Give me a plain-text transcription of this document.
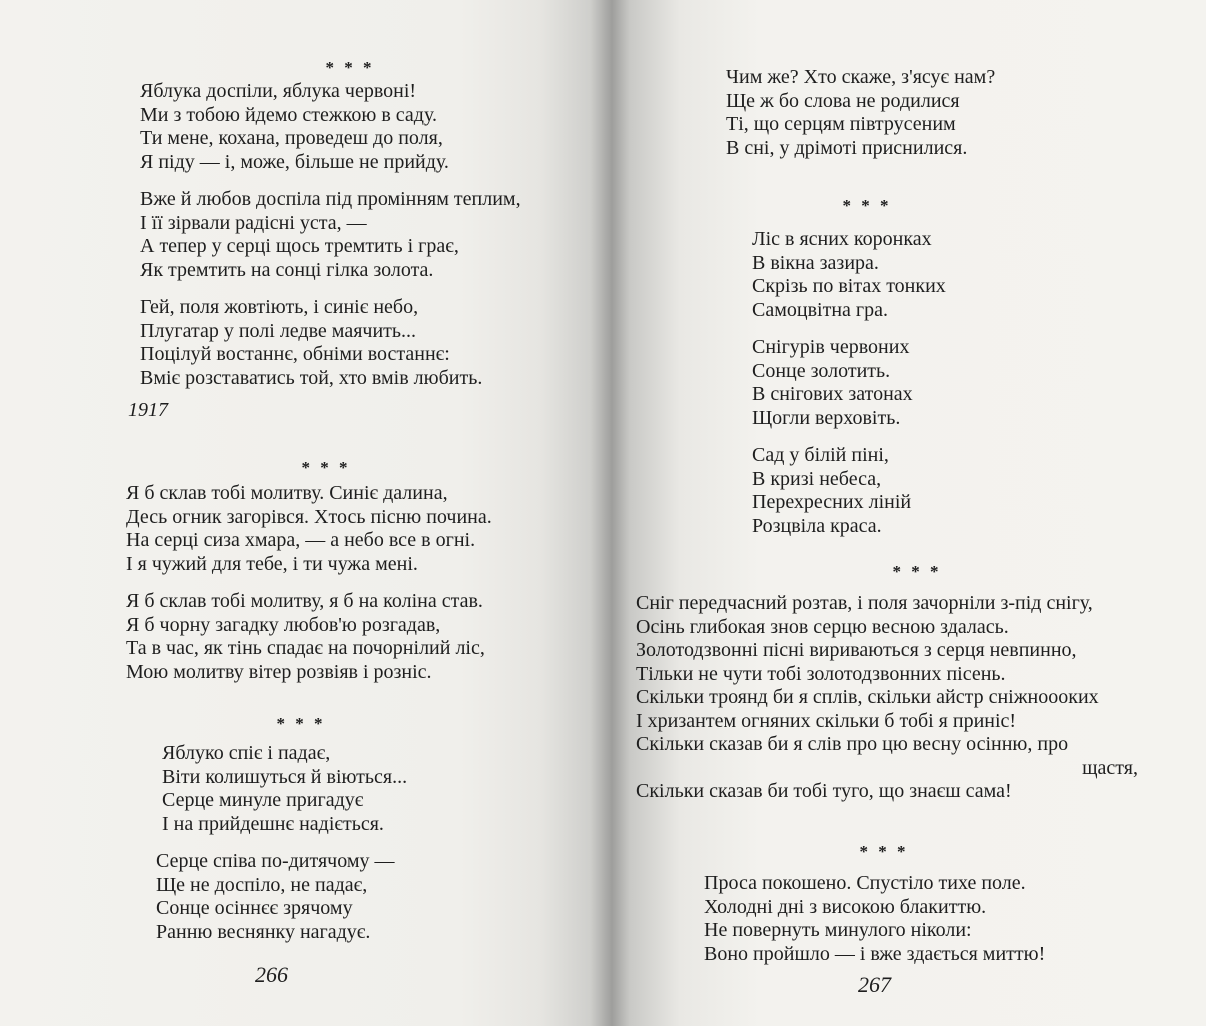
* * *
Яблука доспіли, яблука червоні!
Ми з тобою йдемо стежкою в саду.
Ти мене, кохана, проведеш до поля,
Я піду — і, може, більше не прийду.
Вже й любов доспіла під промінням теплим,
І її зірвали радісні уста, —
А тепер у серці щось тремтить і грає,
Як тремтить на сонці гілка золота.
Гей, поля жовтіють, і синіє небо,
Плугатар у полі ледве маячить...
Поцілуй востаннє, обніми востаннє:
Вміє розставатись той, хто вмів любить.
1917
* * *
Я б склав тобі молитву. Синіє далина,
Десь огник загорівся. Хтось пісню почина.
На серці сиза хмара, — а небо все в огні.
І я чужий для тебе, і ти чужа мені.
Я б склав тобі молитву, я б на коліна став.
Я б чорну загадку любов'ю розгадав,
Та в час, як тінь спадає на почорнілий ліс,
Мою молитву вітер розвіяв і розніс.
* * *
Яблуко спіє і падає,
Віти колишуться й віються...
Серце минуле пригадує
І на прийдешнє надіється.
Серце співа по-дитячому —
Ще не доспіло, не падає,
Сонце осіннєє зрячому
Ранню веснянку нагадує.
266
Чим же? Хто скаже, з'ясує нам?
Ще ж бо слова не родилися
Ті, що серцям півтрусеним
В сні, у дрімоті приснилися.
* * *
Ліс в ясних коронках
В вікна зазира.
Скрізь по вітах тонких
Самоцвітна гра.
Снігурів червоних
Сонце золотить.
В снігових затонах
Щогли верховіть.
Сад у білій піні,
В кризі небеса,
Перехресних ліній
Розцвіла краса.
* * *
Сніг передчасний розтав, і поля зачорніли з-під снігу,
Осінь глибокая знов серцю весною здалась.
Золотодзвонні пісні вириваються з серця невпинно,
Тільки не чути тобі золотодзвонних пісень.
Скільки троянд би я сплів, скільки айстр сніжноооких
І хризантем огняних скільки б тобі я приніс!
Скільки сказав би я слів про цю весну осінню, про
щастя,
Скільки сказав би тобі туго, що знаєш сама!
* * *
Проса покошено. Спустіло тихе поле.
Холодні дні з високою блакиттю.
Не повернуть минулого ніколи:
Воно пройшло — і вже здається миттю!
267
